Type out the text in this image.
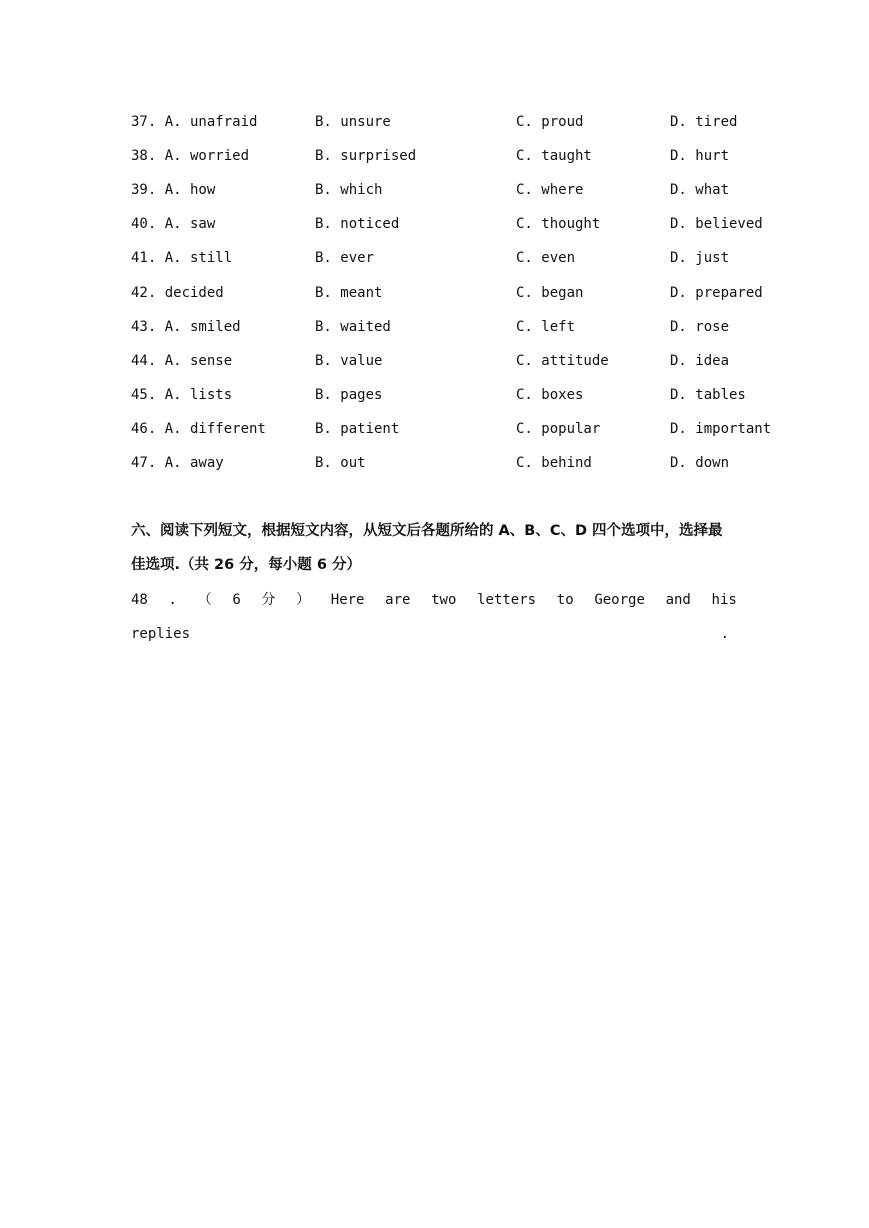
37. A. unafraid	B. unsure	C. proud	D. tired
38. A. worried	B. surprised	C. taught	D. hurt
39. A. how	B. which	C. where	D. what
40. A. saw	B. noticed	C. thought	D. believed
41. A. still	B. ever	C. even	D. just
42. decided	B. meant	C. began	D. prepared
43. A. smiled	B. waited	C. left	D. rose
44. A. sense	B. value	C. attitude	D. idea
45. A. lists	B. pages	C. boxes	D. tables
46. A. different	B. patient	C. popular	D. important
47. A. away	B. out	C. behind	D. down
六、阅读下列短文，根据短文内容，从短文后各题所给的 A、B、C、D 四个选项中，选择最
佳选项.（共 26 分，每小题 6 分）
48 . （ 6 分 ） Here are two letters to George and his
replies	.
